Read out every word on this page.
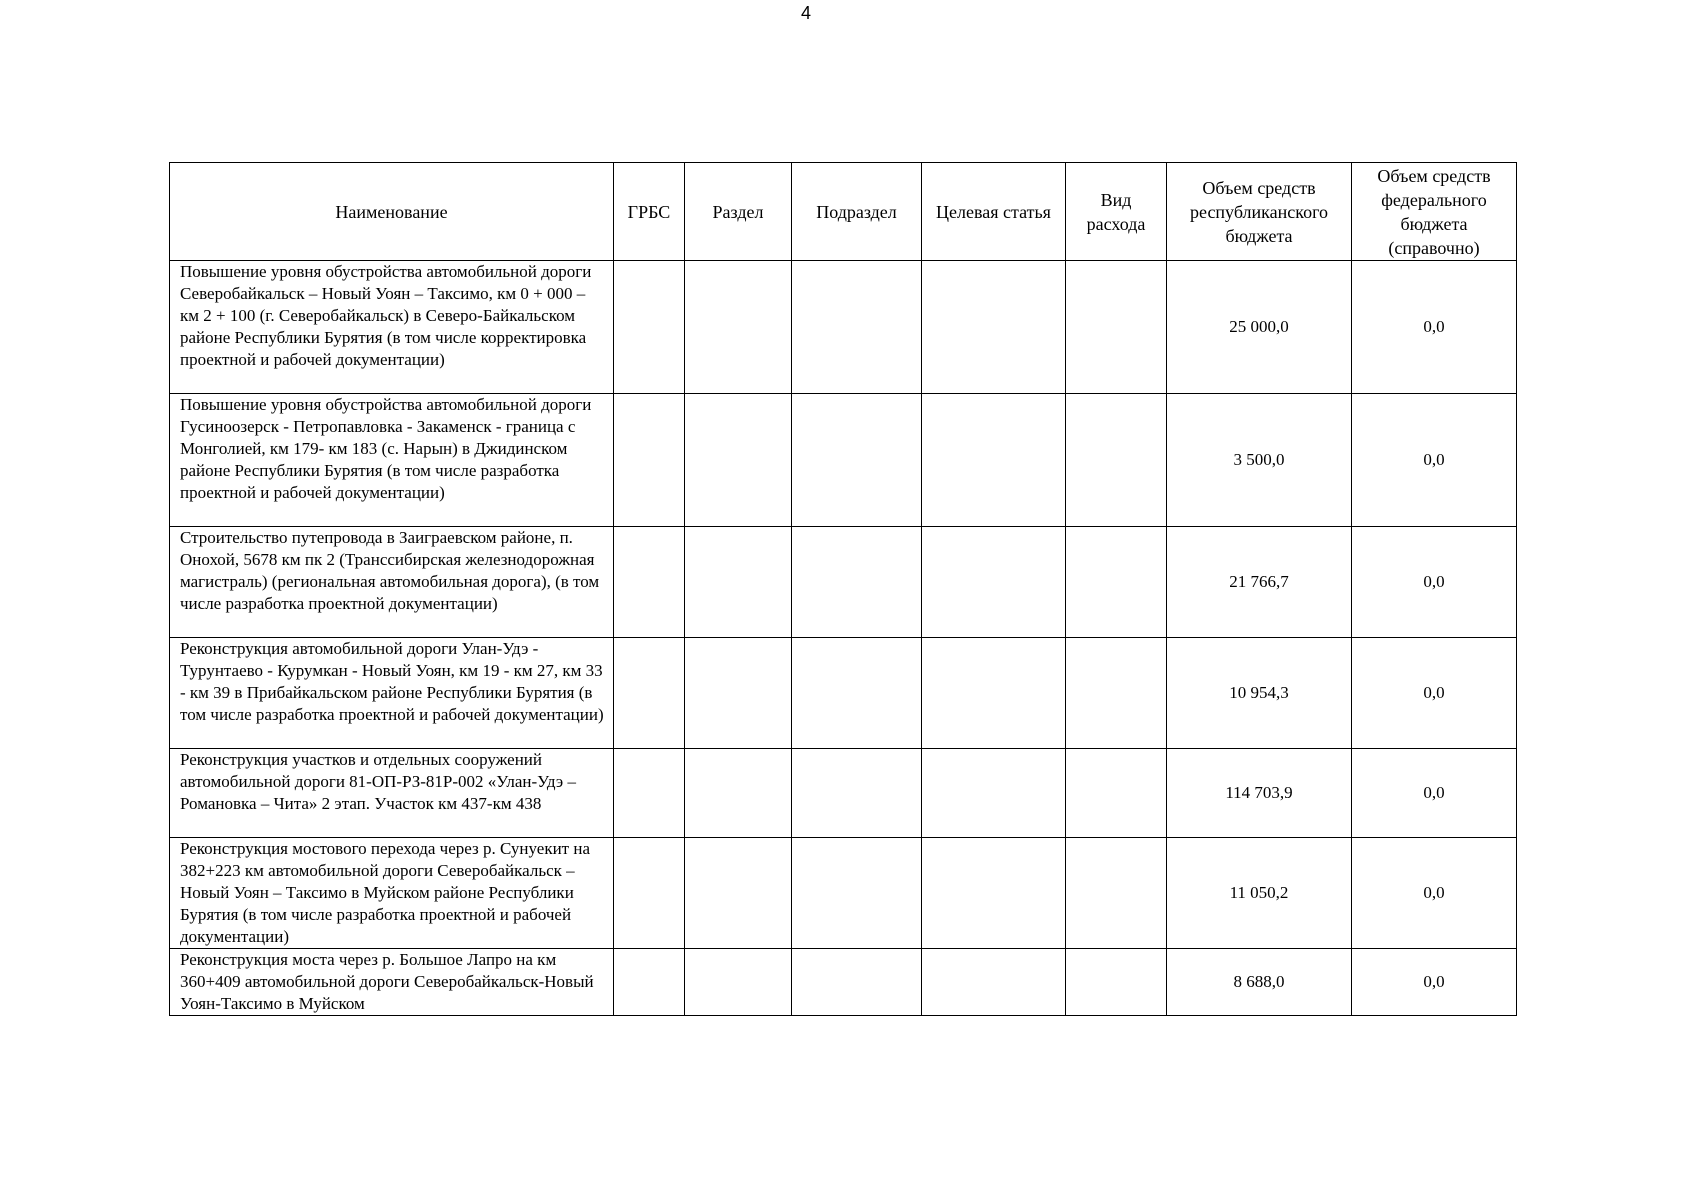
4
Наименование	ГРБС	Раздел	Подраздел	Целевая статья	Вид расхода	Объем средств республиканского бюджета	Объем средств федерального бюджета (справочно)
Повышение уровня обустройства автомобильной дороги Северобайкальск – Новый Уоян – Таксимо, км 0 + 000 – км 2 + 100 (г. Северобайкальск) в Северо-Байкальском районе Республики Бурятия (в том числе корректировка проектной и рабочей документации)						25 000,0	0,0
Повышение уровня обустройства автомобильной дороги Гусиноозерск - Петропавловка - Закаменск - граница с Монголией, км 179- км 183 (с. Нарын) в Джидинском районе Республики Бурятия (в том числе разработка проектной и рабочей документации)						3 500,0	0,0
Строительство путепровода в Заиграевском районе, п. Онохой, 5678 км пк 2 (Транссибирская железнодорожная магистраль) (региональная автомобильная дорога), (в том числе разработка проектной документации)						21 766,7	0,0
Реконструкция автомобильной дороги Улан-Удэ - Турунтаево - Курумкан - Новый Уоян, км 19 - км 27, км 33 - км 39 в Прибайкальском районе Республики Бурятия (в том числе разработка проектной и рабочей документации)						10 954,3	0,0
Реконструкция участков и отдельных сооружений автомобильной дороги 81-ОП-РЗ-81Р-002 «Улан-Удэ – Романовка – Чита» 2 этап. Участок км 437-км 438						114 703,9	0,0
Реконструкция мостового перехода через р. Сунуекит на 382+223 км автомобильной дороги Северобайкальск – Новый Уоян – Таксимо в Муйском районе Республики Бурятия (в том числе разработка проектной и рабочей документации)						11 050,2	0,0
Реконструкция моста через р. Большое Лапро на км 360+409 автомобильной дороги Северобайкальск-Новый Уоян-Таксимо в Муйском						8 688,0	0,0
